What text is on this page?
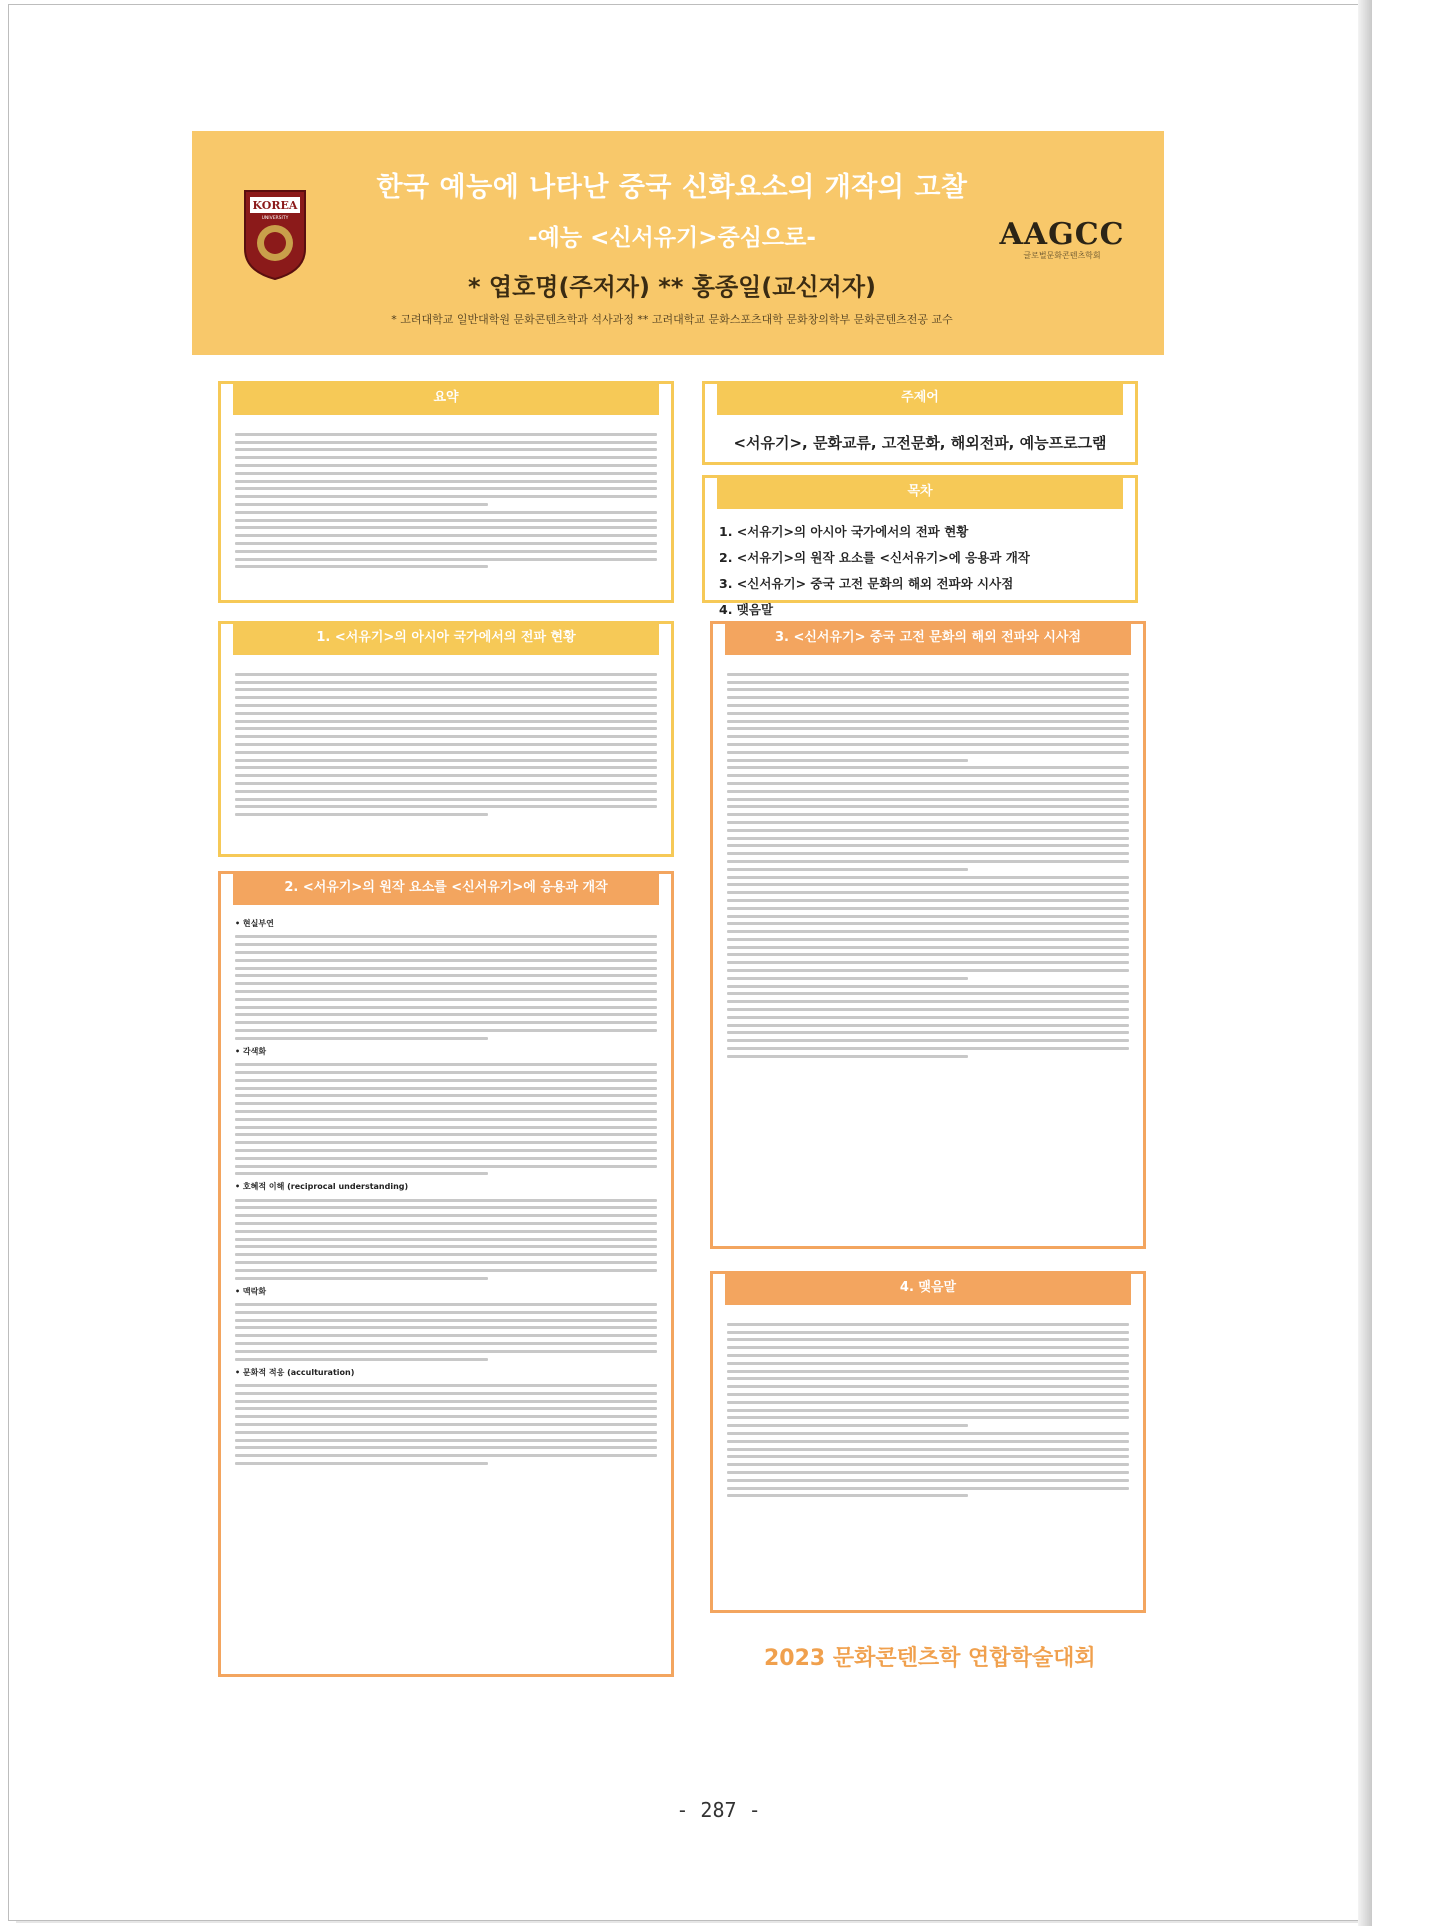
KOREA
UNIVERSITY
한국 예능에 나타난 중국 신화요소의 개작의 고찰
-예능 <신서유기>중심으로-
* 엽호명(주저자) ** 홍종일(교신저자)
* 고려대학교 일반대학원 문화콘텐츠학과 석사과정 ** 고려대학교 문화스포츠대학 문화창의학부 문화콘텐츠전공 교수
AAGCC
글로벌문화콘텐츠학회
요약	주제어
<서유기>, 문화교류, 고전문화, 해외전파, 예능프로그램
목차
1. <서유기>의 아시아 국가에서의 전파 현황
2. <서유기>의 원작 요소를 <신서유기>에 응용과 개작
3. <신서유기> 중국 고전 문화의 해외 전파와 시사점
4. 맺음말
1. <서유기>의 아시아 국가에서의 전파 현황
2. <서유기>의 원작 요소를 <신서유기>에 응용과 개작
• 현실부연
• 각색화
• 호혜적 이해 (reciprocal understanding)
• 맥락화
• 문화적 적응 (acculturation)
3. <신서유기> 중국 고전 문화의 해외 전파와 시사점
4. 맺음말
2023 문화콘텐츠학 연합학술대회
- 287 -
